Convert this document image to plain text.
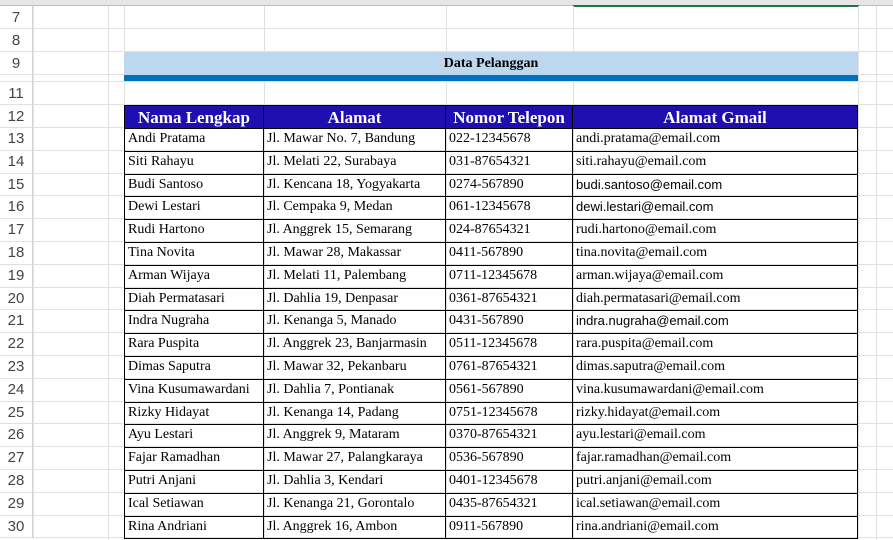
7
8
9
11
12
13
14
15
16
17
18
19
20
21
22
23
24
25
26
27
28
29
30
Data Pelanggan
Nama Lengkap	Alamat	Nomor Telepon	Alamat Gmail
Andi Pratama	Jl. Mawar No. 7, Bandung	022-12345678	andi.pratama@email.com
Siti Rahayu	Jl. Melati 22, Surabaya	031-87654321	siti.rahayu@email.com
Budi Santoso	Jl. Kencana 18, Yogyakarta	0274-567890	budi.santoso@email.com
Dewi Lestari	Jl. Cempaka 9, Medan	061-12345678	dewi.lestari@email.com
Rudi Hartono	Jl. Anggrek 15, Semarang	024-87654321	rudi.hartono@email.com
Tina Novita	Jl. Mawar 28, Makassar	0411-567890	tina.novita@email.com
Arman Wijaya	Jl. Melati 11, Palembang	0711-12345678	arman.wijaya@email.com
Diah Permatasari	Jl. Dahlia 19, Denpasar	0361-87654321	diah.permatasari@email.com
Indra Nugraha	Jl. Kenanga 5, Manado	0431-567890	indra.nugraha@email.com
Rara Puspita	Jl. Anggrek 23, Banjarmasin	0511-12345678	rara.puspita@email.com
Dimas Saputra	Jl. Mawar 32, Pekanbaru	0761-87654321	dimas.saputra@email.com
Vina Kusumawardani	Jl. Dahlia 7, Pontianak	0561-567890	vina.kusumawardani@email.com
Rizky Hidayat	Jl. Kenanga 14, Padang	0751-12345678	rizky.hidayat@email.com
Ayu Lestari	Jl. Anggrek 9, Mataram	0370-87654321	ayu.lestari@email.com
Fajar Ramadhan	Jl. Mawar 27, Palangkaraya	0536-567890	fajar.ramadhan@email.com
Putri Anjani	Jl. Dahlia 3, Kendari	0401-12345678	putri.anjani@email.com
Ical Setiawan	Jl. Kenanga 21, Gorontalo	0435-87654321	ical.setiawan@email.com
Rina Andriani	Jl. Anggrek 16, Ambon	0911-567890	rina.andriani@email.com
